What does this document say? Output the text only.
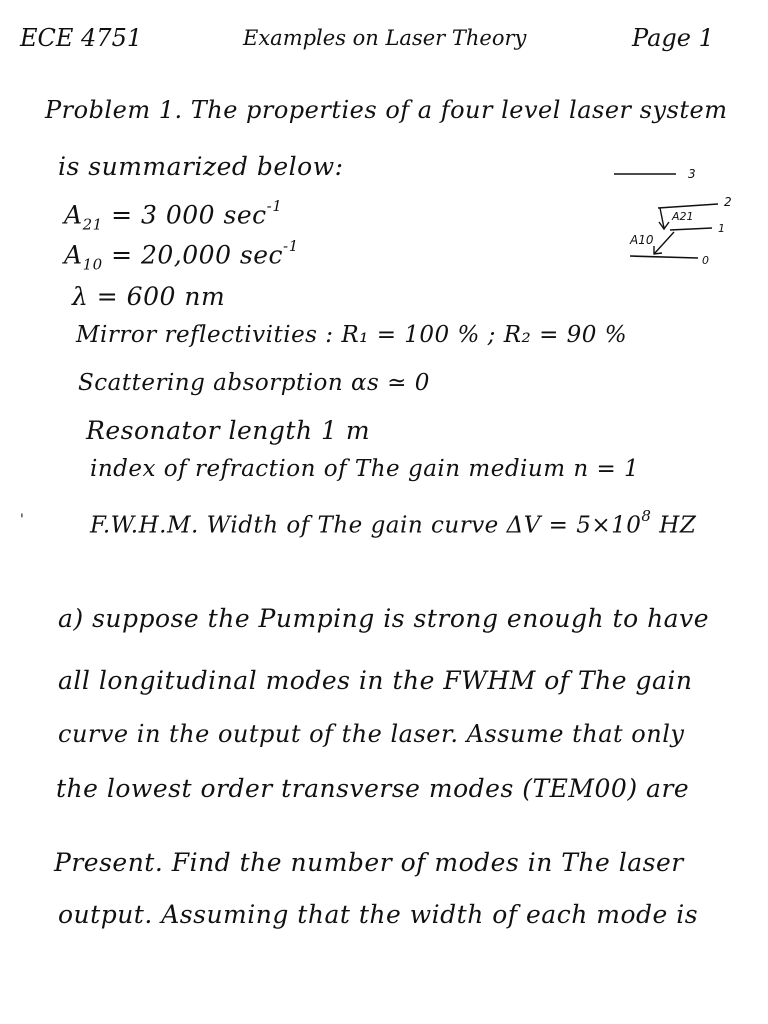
ECE 4751	Examples on Laser Theory	Page 1
Problem 1. The properties of a four level laser system
is summarized below:
$A_{21} = 3$ 000 $\sec^{-1}$
$A_{10} = 20,000$ $\sec^{-1}$
λ = 600 nm
Mirror reflectivities : R₁ = 100 % ; R₂ = 90 %
Scattering absorption αs ≃ 0
Resonator length 1 m
index of refraction of The gain medium n = 1
F.W.H.M. Width of The gain curve $\Delta V = 5\times 10^8$ HZ
3
2
A21
1
A10
0
'
a) suppose the Pumping is strong enough to have
all longitudinal modes in the FWHM of The gain
curve in the output of the laser. Assume that only
the lowest order transverse modes (TEM00) are
Present. Find the number of modes in The laser
output. Assuming that the width of each mode is
